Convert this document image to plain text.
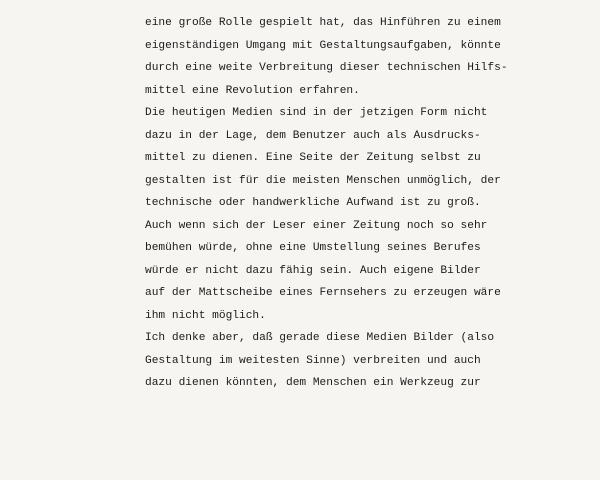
eine große Rolle gespielt hat, das Hinführen zu einem
eigenständigen Umgang mit Gestaltungsaufgaben, könnte
durch eine weite Verbreitung dieser technischen Hilfs-
mittel eine Revolution erfahren.
Die heutigen Medien sind in der jetzigen Form nicht
dazu in der Lage, dem Benutzer auch als Ausdrucks-
mittel zu dienen. Eine Seite der Zeitung selbst zu
gestalten ist für die meisten Menschen unmöglich, der
technische oder handwerkliche Aufwand ist zu groß.
Auch wenn sich der Leser einer Zeitung noch so sehr
bemühen würde, ohne eine Umstellung seines Berufes
würde er nicht dazu fähig sein. Auch eigene Bilder
auf der Mattscheibe eines Fernsehers zu erzeugen wäre
ihm nicht möglich.
Ich denke aber, daß gerade diese Medien Bilder (also
Gestaltung im weitesten Sinne) verbreiten und auch
dazu dienen könnten, dem Menschen ein Werkzeug zur
